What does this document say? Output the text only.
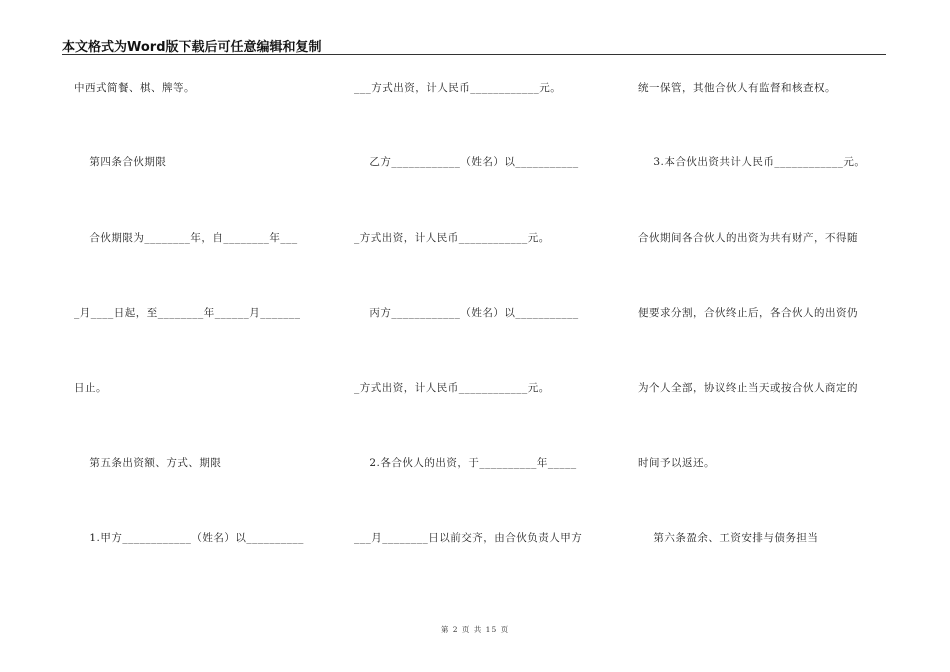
本文格式为Word版下载后可任意编辑和复制
中西式简餐、棋、牌等。
第四条合伙期限
合伙期限为________年，自________年___
_月____日起，至________年______月_______
日止。
第五条出资额、方式、期限
1.甲方____________（姓名）以__________
___方式出资，计人民币____________元。
乙方____________（姓名）以___________
_方式出资，计人民币____________元。
丙方____________（姓名）以___________
_方式出资，计人民币____________元。
2.各合伙人的出资，于__________年_____
___月________日以前交齐，由合伙负责人甲方
统一保管，其他合伙人有监督和核查权。
3.本合伙出资共计人民币____________元。
合伙期间各合伙人的出资为共有财产，不得随
便要求分割，合伙终止后，各合伙人的出资仍
为个人全部，协议终止当天或按合伙人商定的
时间予以返还。
第六条盈余、工资安排与债务担当
第 2 页 共 15 页
